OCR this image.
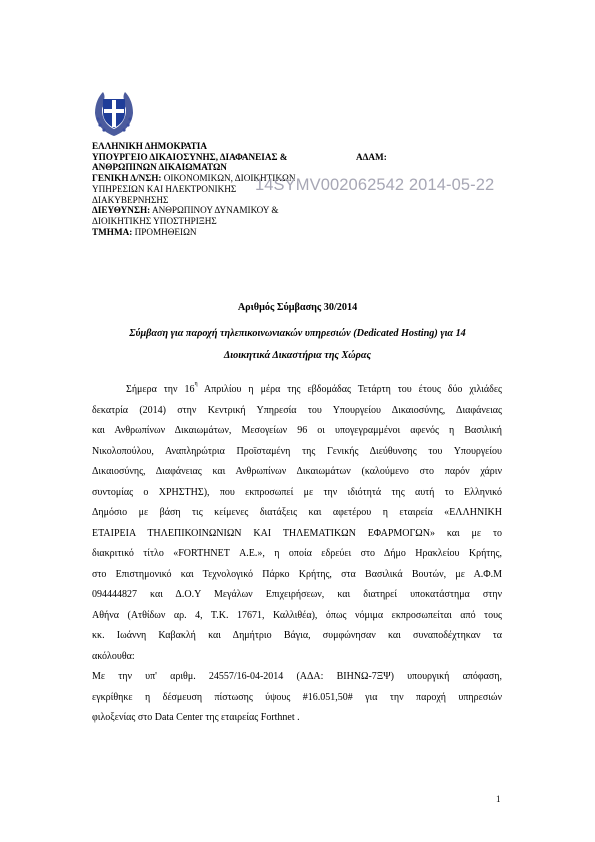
ΕΛΛΗΝΙΚΗ ΔΗΜΟΚΡΑΤΙΑ
ΥΠΟΥΡΓΕΙΟ ΔΙΚΑΙΟΣΥΝΗΣ, ΔΙΑΦΑΝΕΙΑΣ &	ΑΔΑΜ:
ΑΝΘΡΩΠΙΝΩΝ ΔΙΚΑΙΩΜΑΤΩΝ
ΓΕΝΙΚΗ Δ/ΝΣΗ: ΟΙΚΟΝΟΜΙΚΩΝ, ΔΙΟΙΚΗΤΙΚΩΝ
ΥΠΗΡΕΣΙΩΝ ΚΑΙ ΗΛΕΚΤΡΟΝΙΚΗΣ
ΔΙΑΚΥΒΕΡΝΗΣΗΣ
ΔΙΕΥΘΥΝΣΗ: ΑΝΘΡΩΠΙΝΟΥ ΔΥΝΑΜΙΚΟΥ &
ΔΙΟΙΚΗΤΙΚΗΣ ΥΠΟΣΤΗΡΙΞΗΣ
ΤΜΗΜΑ: ΠΡΟΜΗΘΕΙΩΝ
14SYMV002062542 2014-05-22
Αριθμός Σύμβασης 30/2014
Σύμβαση για παροχή τηλεπικοινωνιακών υπηρεσιών (Dedicated Hosting) για 14
Διοικητικά Δικαστήρια της Χώρας

Σήμερα την $16^\eta$ Απριλίου η μέρα της εβδομάδας Τετάρτη του έτους δύο χιλιάδες

δεκατρία (2014) στην Κεντρική Υπηρεσία του Υπουργείου Δικαιοσύνης, Διαφάνειας

και Ανθρωπίνων Δικαιωμάτων, Μεσογείων 96 οι υπογεγραμμένοι αφενός η Βασιλική

Νικολοπούλου, Αναπληρώτρια Προϊσταμένη της Γενικής Διεύθυνσης του Υπουργείου

Δικαιοσύνης, Διαφάνειας και Ανθρωπίνων Δικαιωμάτων (καλούμενο στο παρόν χάριν

συντομίας ο ΧΡΗΣΤΗΣ), που εκπροσωπεί με την ιδιότητά της αυτή το Ελληνικό

Δημόσιο με βάση τις κείμενες διατάξεις και αφετέρου η εταιρεία «ΕΛΛΗΝΙΚΗ

ΕΤΑΙΡΕΙΑ ΤΗΛΕΠΙΚΟΙΝΩΝΙΩΝ ΚΑΙ ΤΗΛΕΜΑΤΙΚΩΝ ΕΦΑΡΜΟΓΩΝ» και με το

διακριτικό τίτλο «FORTHNET Α.Ε.», η οποία εδρεύει στο Δήμο Ηρακλείου Κρήτης,

στο Επιστημονικό και Τεχνολογικό Πάρκο Κρήτης, στα Βασιλικά Βουτών, με Α.Φ.Μ

094444827 και Δ.Ο.Υ Μεγάλων Επιχειρήσεων, και διατηρεί υποκατάστημα στην

Αθήνα (Ατθίδων αρ. 4, Τ.Κ. 17671, Καλλιθέα), όπως νόμιμα εκπροσωπείται από τους

κκ. Ιωάννη Καβακλή και Δημήτριο Βάγια, συμφώνησαν και συναποδέχτηκαν τα

ακόλουθα:

Με την υπ' αριθμ. 24557/16-04-2014 (ΑΔΑ: ΒΙΗΝΩ-7ΞΨ) υπουργική απόφαση,

εγκρίθηκε η δέσμευση πίστωσης ύψους #16.051,50# για την παροχή υπηρεσιών

φιλοξενίας στο Data Center της εταιρείας Forthnet .

1
